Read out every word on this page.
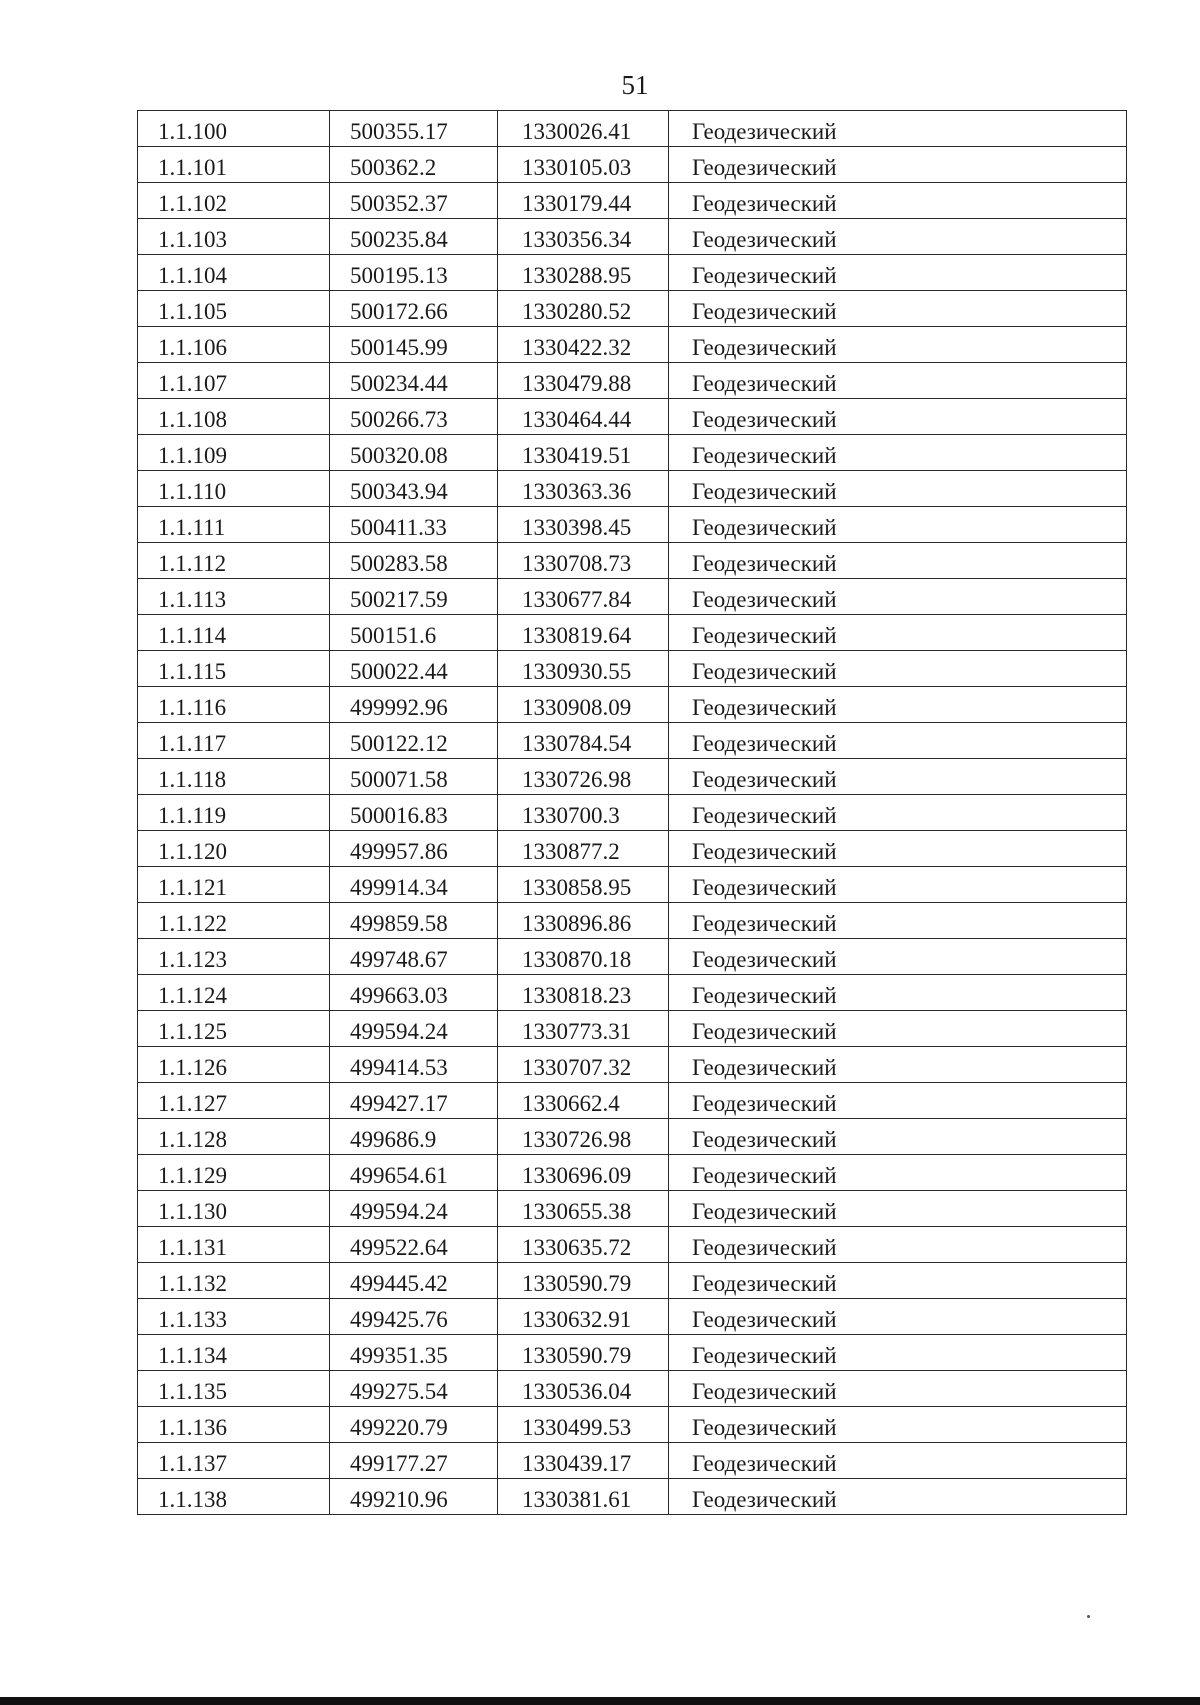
51
1.1.100	500355.17	1330026.41	Геодезический
1.1.101	500362.2	1330105.03	Геодезический
1.1.102	500352.37	1330179.44	Геодезический
1.1.103	500235.84	1330356.34	Геодезический
1.1.104	500195.13	1330288.95	Геодезический
1.1.105	500172.66	1330280.52	Геодезический
1.1.106	500145.99	1330422.32	Геодезический
1.1.107	500234.44	1330479.88	Геодезический
1.1.108	500266.73	1330464.44	Геодезический
1.1.109	500320.08	1330419.51	Геодезический
1.1.110	500343.94	1330363.36	Геодезический
1.1.111	500411.33	1330398.45	Геодезический
1.1.112	500283.58	1330708.73	Геодезический
1.1.113	500217.59	1330677.84	Геодезический
1.1.114	500151.6	1330819.64	Геодезический
1.1.115	500022.44	1330930.55	Геодезический
1.1.116	499992.96	1330908.09	Геодезический
1.1.117	500122.12	1330784.54	Геодезический
1.1.118	500071.58	1330726.98	Геодезический
1.1.119	500016.83	1330700.3	Геодезический
1.1.120	499957.86	1330877.2	Геодезический
1.1.121	499914.34	1330858.95	Геодезический
1.1.122	499859.58	1330896.86	Геодезический
1.1.123	499748.67	1330870.18	Геодезический
1.1.124	499663.03	1330818.23	Геодезический
1.1.125	499594.24	1330773.31	Геодезический
1.1.126	499414.53	1330707.32	Геодезический
1.1.127	499427.17	1330662.4	Геодезический
1.1.128	499686.9	1330726.98	Геодезический
1.1.129	499654.61	1330696.09	Геодезический
1.1.130	499594.24	1330655.38	Геодезический
1.1.131	499522.64	1330635.72	Геодезический
1.1.132	499445.42	1330590.79	Геодезический
1.1.133	499425.76	1330632.91	Геодезический
1.1.134	499351.35	1330590.79	Геодезический
1.1.135	499275.54	1330536.04	Геодезический
1.1.136	499220.79	1330499.53	Геодезический
1.1.137	499177.27	1330439.17	Геодезический
1.1.138	499210.96	1330381.61	Геодезический
